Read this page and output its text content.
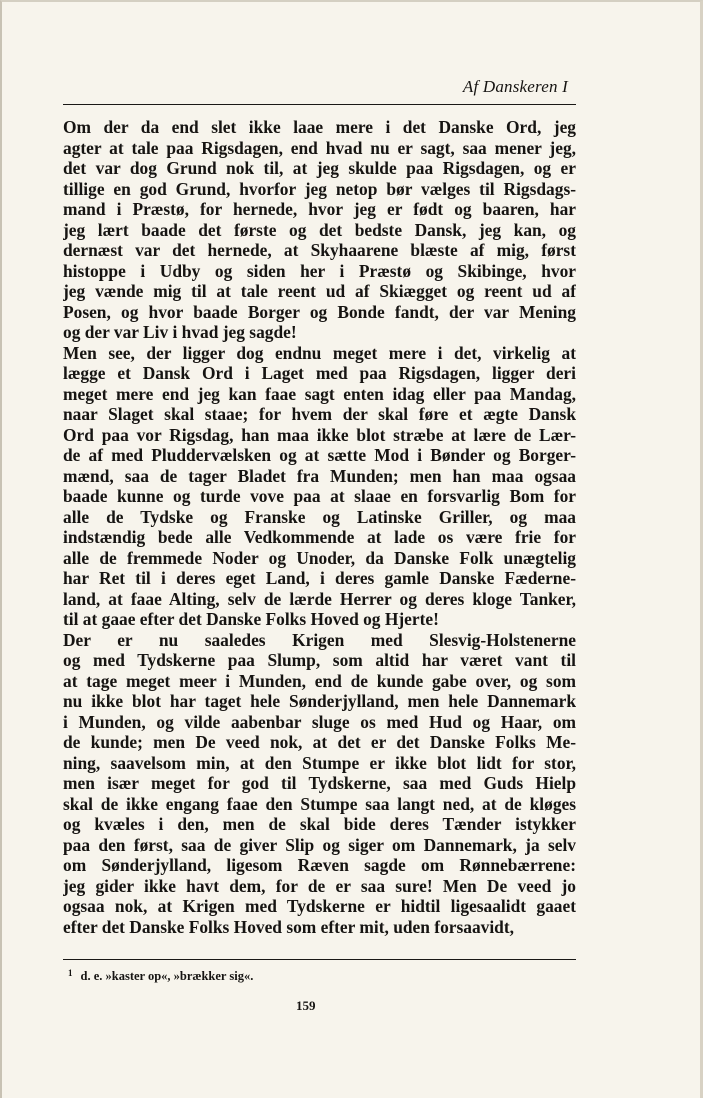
Af Danskeren I
Om der da end slet ikke laae mere i det Danske Ord, jeg
agter at tale paa Rigsdagen, end hvad nu er sagt, saa mener jeg,
det var dog Grund nok til, at jeg skulde paa Rigsdagen, og er
tillige en god Grund, hvorfor jeg netop bør vælges til Rigsdags-
mand i Præstø, for hernede, hvor jeg er født og baaren, har
jeg lært baade det første og det bedste Dansk, jeg kan, og
dernæst var det hernede, at Skyhaarene blæste af mig, først
histoppe i Udby og siden her i Præstø og Skibinge, hvor
jeg vænde mig til at tale reent ud af Skiægget og reent ud af
Posen, og hvor baade Borger og Bonde fandt, der var Mening
og der var Liv i hvad jeg sagde!
Men see, der ligger dog endnu meget mere i det, virkelig at
lægge et Dansk Ord i Laget med paa Rigsdagen, ligger deri
meget mere end jeg kan faae sagt enten idag eller paa Mandag,
naar Slaget skal staae; for hvem der skal føre et ægte Dansk
Ord paa vor Rigsdag, han maa ikke blot stræbe at lære de Lær-
de af med Pluddervælsken og at sætte Mod i Bønder og Borger-
mænd, saa de tager Bladet fra Munden; men han maa ogsaa
baade kunne og turde vove paa at slaae en forsvarlig Bom for
alle de Tydske og Franske og Latinske Griller, og maa
indstændig bede alle Vedkommende at lade os være frie for
alle de fremmede Noder og Unoder, da Danske Folk unægtelig
har Ret til i deres eget Land, i deres gamle Danske Fæderne-
land, at faae Alting, selv de lærde Herrer og deres kloge Tanker,
til at gaae efter det Danske Folks Hoved og Hjerte!
Der er nu saaledes Krigen med Slesvig-Holstenerne
og med Tydskerne paa Slump, som altid har været vant til
at tage meget meer i Munden, end de kunde gabe over, og som
nu ikke blot har taget hele Sønderjylland, men hele Dannemark
i Munden, og vilde aabenbar sluge os med Hud og Haar, om
de kunde; men De veed nok, at det er det Danske Folks Me-
ning, saavelsom min, at den Stumpe er ikke blot lidt for stor,
men især meget for god til Tydskerne, saa med Guds Hielp
skal de ikke engang faae den Stumpe saa langt ned, at de kløges
og kvæles i den, men de skal bide deres Tænder istykker
paa den først, saa de giver Slip og siger om Dannemark, ja selv
om Sønderjylland, ligesom Ræven sagde om Rønnebærrene:
jeg gider ikke havt dem, for de er saa sure! Men De veed jo
ogsaa nok, at Krigen med Tydskerne er hidtil ligesaalidt gaaet
efter det Danske Folks Hoved som efter mit, uden forsaavidt,
$^1$ d. e. »kaster op«, »brækker sig«.
159
